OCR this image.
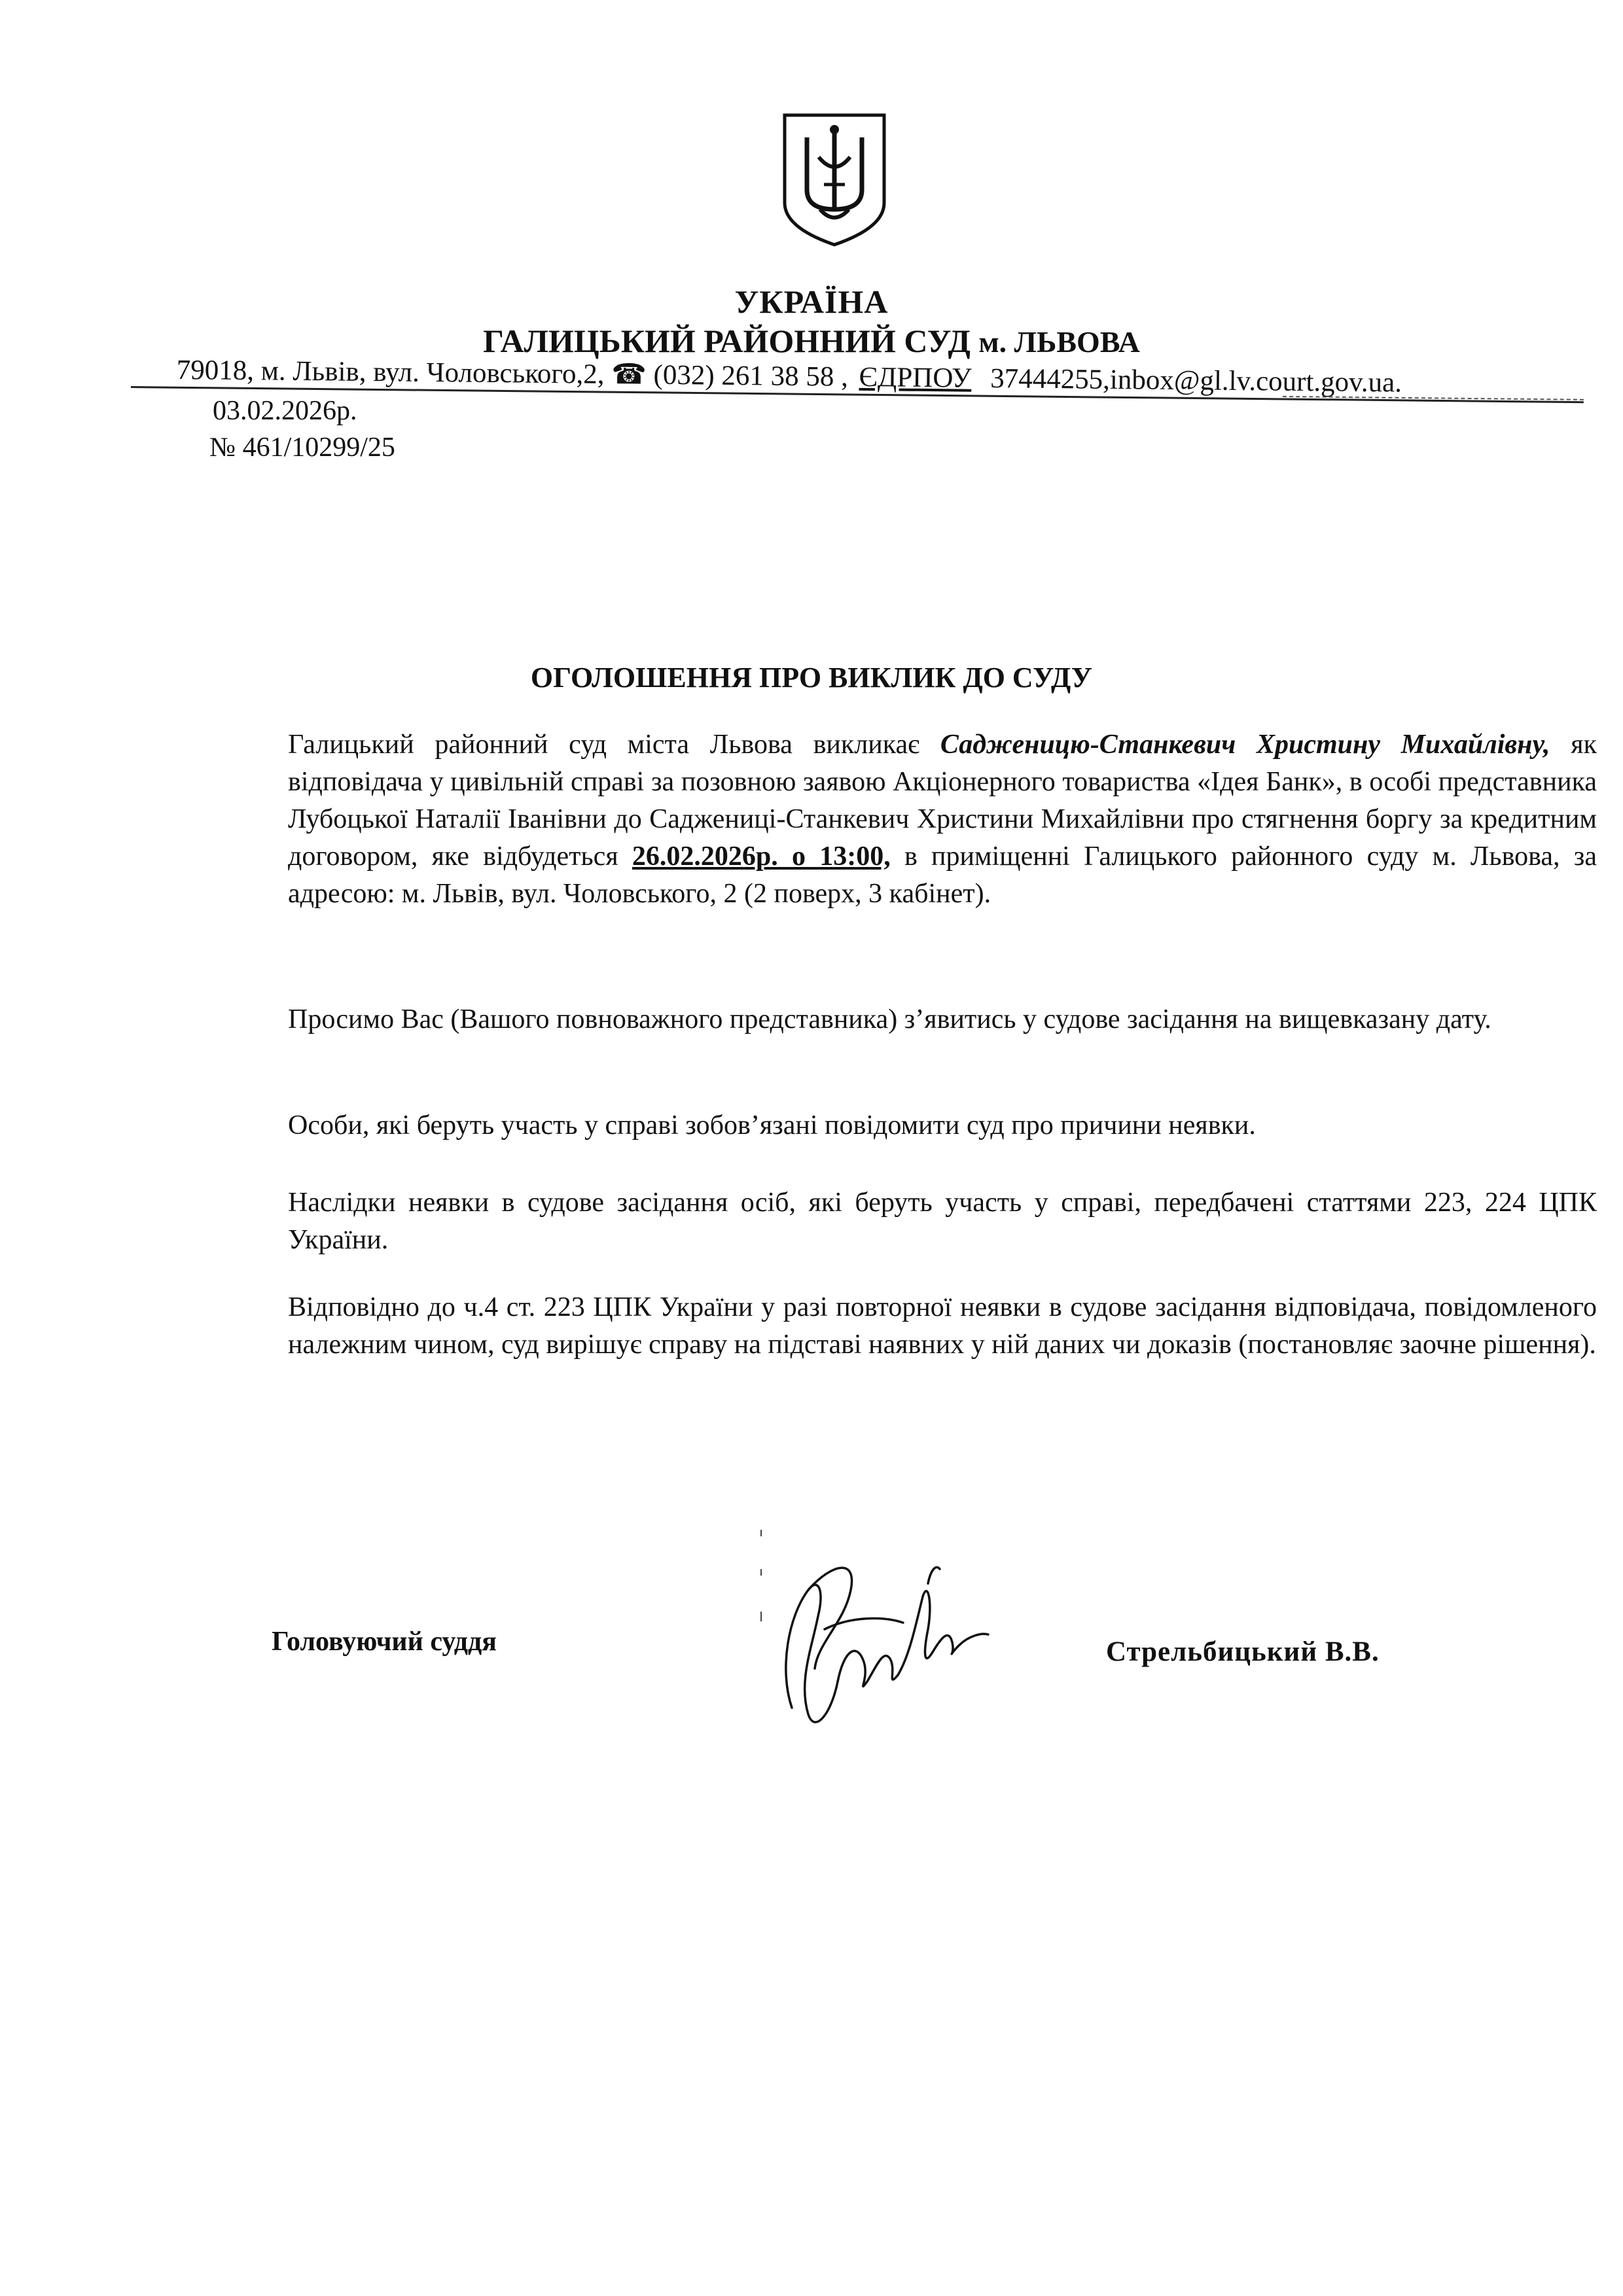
УКРАЇНА
ГАЛИЦЬКИЙ РАЙОННИЙ СУД м. ЛЬВОВА
79018, м. Львів, вул. Чоловського,2, ☎ (032) 261 38 58 , ЄДРПОУ 37444255,inbox@gl.lv.court.gov.ua.
03.02.2026р.
№ 461/10299/25
ОГОЛОШЕННЯ ПРО ВИКЛИК ДО СУДУ
Галицький районний суд міста Львова викликає Садженицю-Станкевич Христину Михайлівну, як відповідача у цивільній справі за позовною заявою Акціонерного товариства «Ідея Банк», в особі представника Лубоцької Наталії Іванівни до Садженицi-Станкевич Христини Михайлівни про стягнення боргу за кредитним договором, яке відбудеться 26.02.2026р. о 13:00, в приміщенні Галицького районного суду м. Львова, за адресою: м. Львів, вул. Чоловського, 2 (2 поверх, 3 кабінет).
Просимо Вас (Вашого повноважного представника) з’явитись у судове засідання на вищевказану дату.
Особи, які беруть участь у справі зобов’язані повідомити суд про причини неявки.
Наслідки неявки в судове засідання осіб, які беруть участь у справі, передбачені статтями 223, 224 ЦПК України.
Відповідно до ч.4 ст. 223 ЦПК України у разі повторної неявки в судове засідання відповідача, повідомленого належним чином, суд вирішує справу на підставі наявних у ній даних чи доказів (постановляє заочне рішення).
Головуючий суддя	Стрельбицький В.В.
